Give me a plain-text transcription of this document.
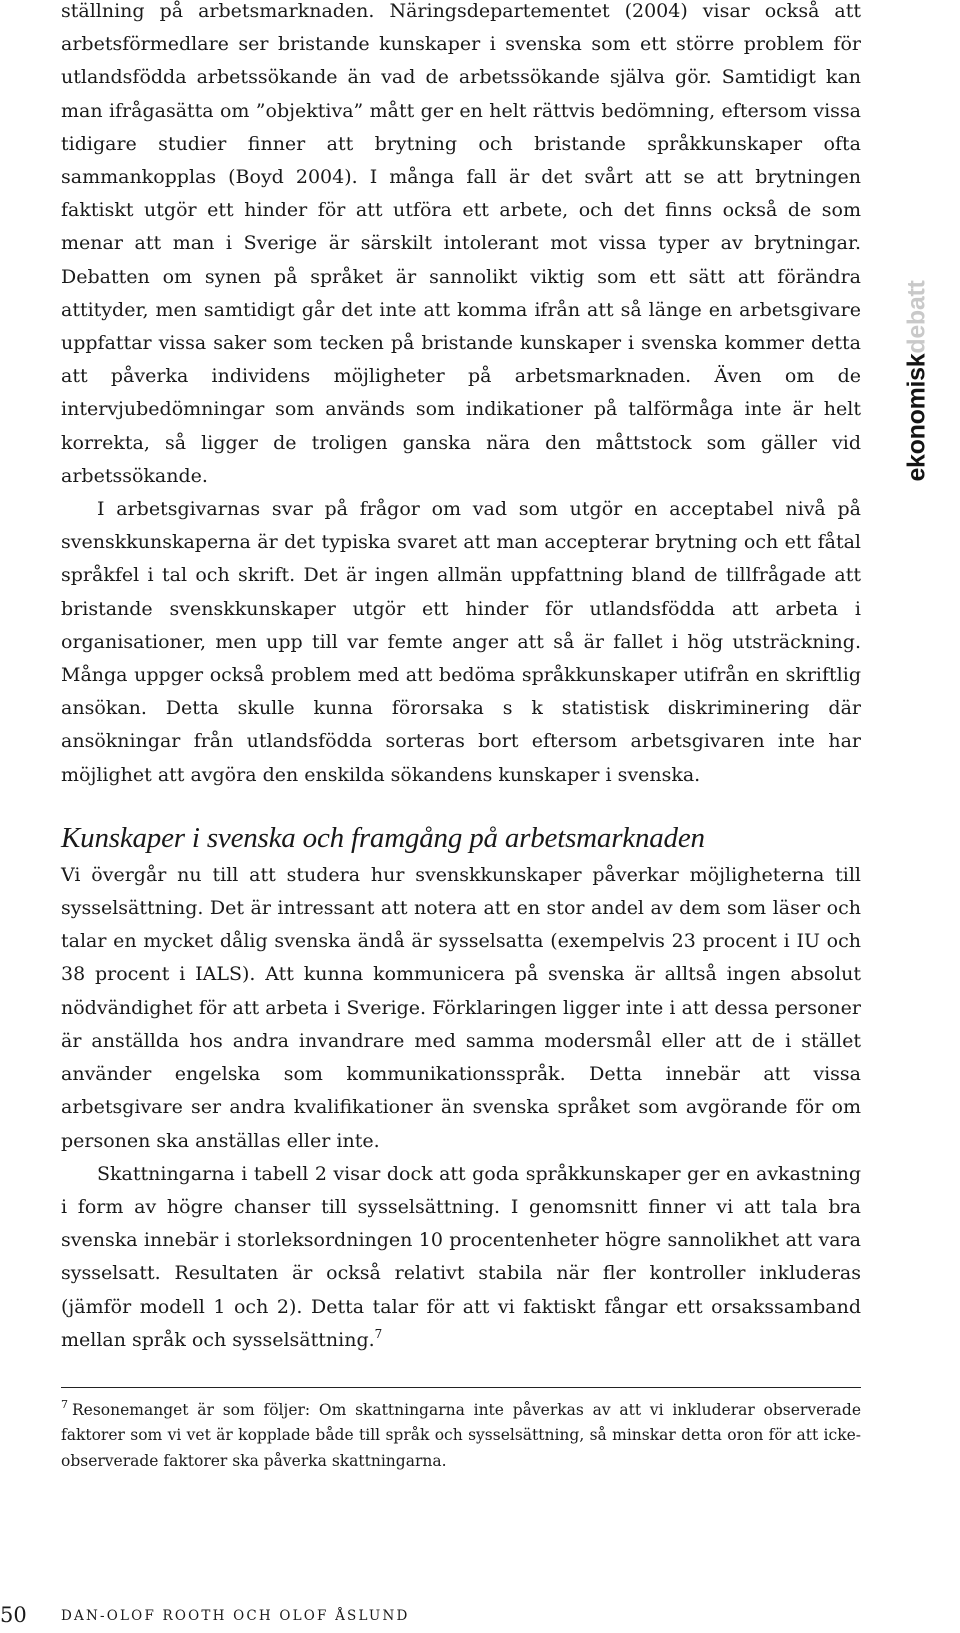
ställning på arbetsmarknaden. Näringsdepartementet (2004) visar också att arbetsförmedlare ser bristande kunskaper i svenska som ett större problem för utlandsfödda arbetssökande än vad de arbetssökande själva gör. Samtidigt kan man ifrågasätta om ”objektiva” mått ger en helt rättvis bedömning, eftersom vissa tidigare studier finner att brytning och bristande språkkunskaper ofta sammankopplas (Boyd 2004). I många fall är det svårt att se att brytningen faktiskt utgör ett hinder för att utföra ett arbete, och det finns också de som menar att man i Sverige är särskilt intolerant mot vissa typer av brytningar. Debatten om synen på språket är sannolikt viktig som ett sätt att förändra attityder, men samtidigt går det inte att komma ifrån att så länge en arbetsgivare uppfattar vissa saker som tecken på bristande kunskaper i svenska kommer detta att påverka individens möjligheter på arbetsmarknaden. Även om de intervjubedömningar som används som indikationer på talförmåga inte är helt korrekta, så ligger de troligen ganska nära den måttstock som gäller vid arbetssökande.

I arbetsgivarnas svar på frågor om vad som utgör en acceptabel nivå på svenskkunskaperna är det typiska svaret att man accepterar brytning och ett fåtal språkfel i tal och skrift. Det är ingen allmän uppfattning bland de tillfrågade att bristande svenskkunskaper utgör ett hinder för utlandsfödda att arbeta i organisationer, men upp till var femte anger att så är fallet i hög utsträckning. Många uppger också problem med att bedöma språkkunskaper utifrån en skriftlig ansökan. Detta skulle kunna förorsaka s k statistisk diskriminering där ansökningar från utlandsfödda sorteras bort eftersom arbetsgivaren inte har möjlighet att avgöra den enskilda sökandens kunskaper i svenska.

Kunskaper i svenska och framgång på arbetsmarknaden

Vi övergår nu till att studera hur svenskkunskaper påverkar möjligheterna till sysselsättning. Det är intressant att notera att en stor andel av dem som läser och talar en mycket dålig svenska ändå är sysselsatta (exempelvis 23 procent i IU och 38 procent i IALS). Att kunna kommunicera på svenska är alltså ingen absolut nödvändighet för att arbeta i Sverige. Förklaringen ligger inte i att dessa personer är anställda hos andra invandrare med samma modersmål eller att de i stället använder engelska som kommunikationsspråk. Detta innebär att vissa arbetsgivare ser andra kvalifikationer än svenska språket som avgörande för om personen ska anställas eller inte.

Skattningarna i tabell 2 visar dock att goda språkkunskaper ger en avkastning i form av högre chanser till sysselsättning. I genomsnitt finner vi att tala bra svenska innebär i storleksordningen 10 procentenheter högre sannolikhet att vara sysselsatt. Resultaten är också relativt stabila när fler kontroller inkluderas (jämför modell 1 och 2). Detta talar för att vi faktiskt fångar ett orsakssamband mellan språk och sysselsättning.$^7$

$^7$ Resonemanget är som följer: Om skattningarna inte påverkas av att vi inkluderar observerade faktorer som vi vet är kopplade både till språk och sysselsättning, så minskar detta oron för att icke-observerade faktorer ska påverka skattningarna.

ekonomiskdebatt
50	DAN-OLOF ROOTH OCH OLOF ÅSLUND
